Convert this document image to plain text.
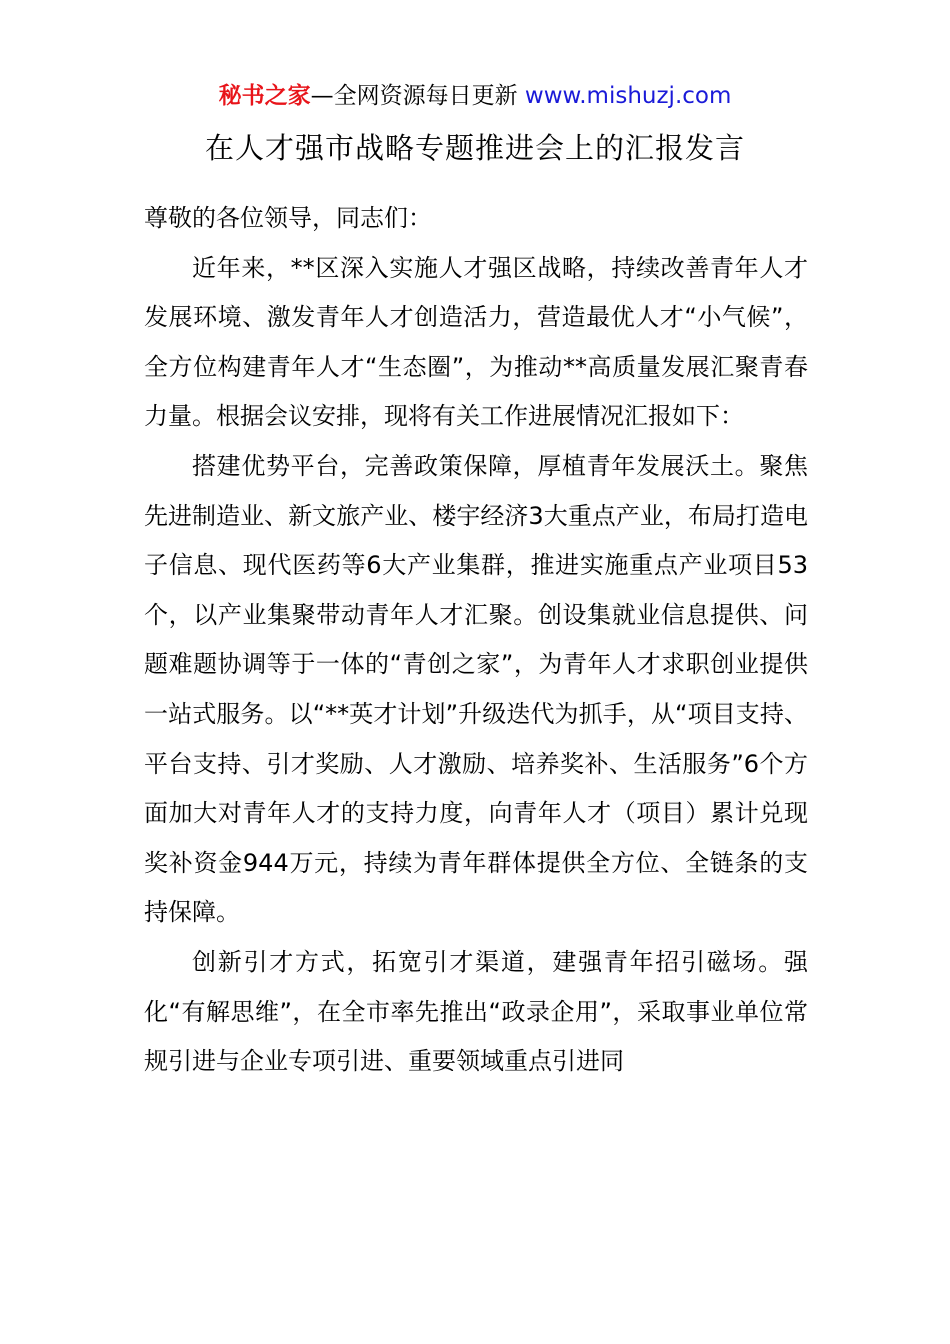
秘书之家—全网资源每日更新 www.mishuzj.com
在人才强市战略专题推进会上的汇报发言

尊敬的各位领导，同志们：

近年来，**区深入实施人才强区战略，持续改善青年人才发展环境、激发青年人才创造活力，营造最优人才“小气候”，全方位构建青年人才“生态圈”，为推动**高质量发展汇聚青春力量。根据会议安排，现将有关工作进展情况汇报如下：

搭建优势平台，完善政策保障，厚植青年发展沃土。聚焦先进制造业、新文旅产业、楼宇经济3大重点产业，布局打造电子信息、现代医药等6大产业集群，推进实施重点产业项目53个，以产业集聚带动青年人才汇聚。创设集就业信息提供、问题难题协调等于一体的“青创之家”，为青年人才求职创业提供一站式服务。以“**英才计划”升级迭代为抓手，从“项目支持、平台支持、引才奖励、人才激励、培养奖补、生活服务”6个方面加大对青年人才的支持力度，向青年人才（项目）累计兑现奖补资金944万元，持续为青年群体提供全方位、全链条的支持保障。

创新引才方式，拓宽引才渠道，建强青年招引磁场。强化“有解思维”，在全市率先推出“政录企用”，采取事业单位常规引进与企业专项引进、重要领域重点引进同
